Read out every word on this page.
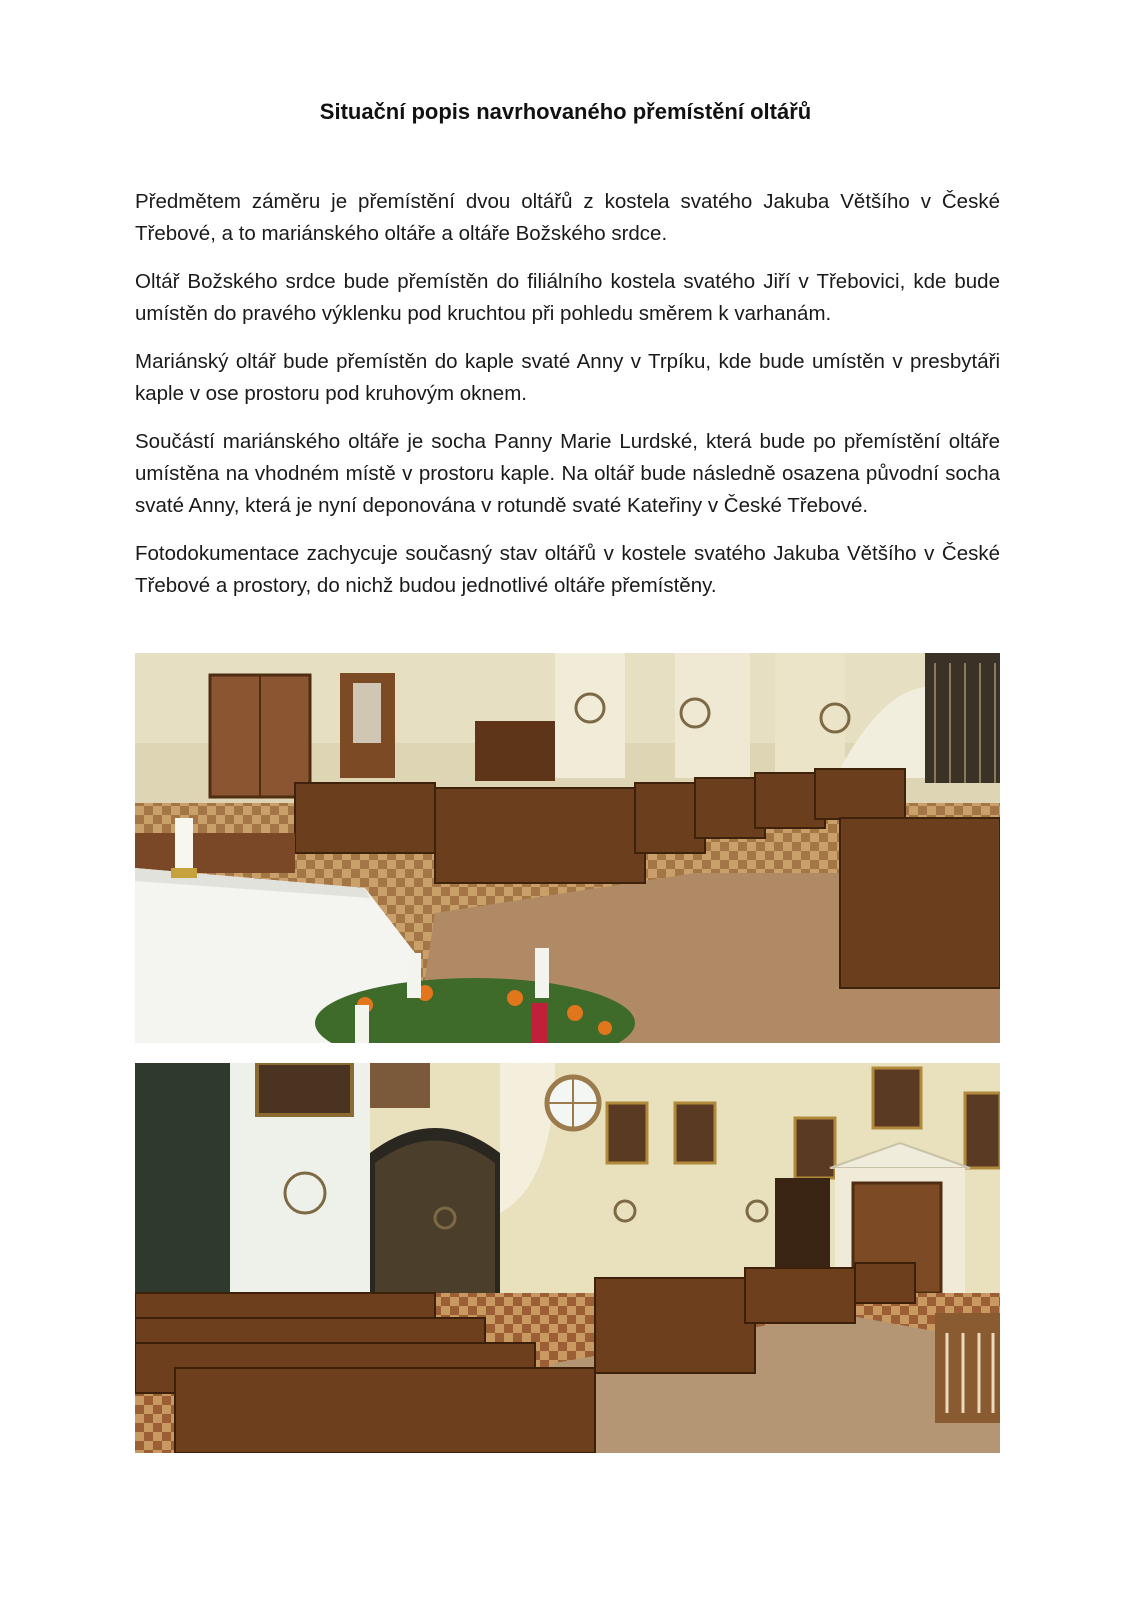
Situační popis navrhovaného přemístění oltářů

Předmětem záměru je přemístění dvou oltářů z kostela svatého Jakuba Většího v České Třebové, a to mariánského oltáře a oltáře Božského srdce.

Oltář Božského srdce bude přemístěn do filiálního kostela svatého Jiří v Třebovici, kde bude umístěn do pravého výklenku pod kruchtou při pohledu směrem k varhanám.

Mariánský oltář bude přemístěn do kaple svaté Anny v Trpíku, kde bude umístěn v presbytáři kaple v ose prostoru pod kruhovým oknem.

Součástí mariánského oltáře je socha Panny Marie Lurdské, která bude po přemístění oltáře umístěna na vhodném místě v prostoru kaple. Na oltář bude následně osazena původní socha svaté Anny, která je nyní deponována v rotundě svaté Kateřiny v České Třebové.

Fotodokumentace zachycuje současný stav oltářů v kostele svatého Jakuba Většího v České Třebové a prostory, do nichž budou jednotlivé oltáře přemístěny.
